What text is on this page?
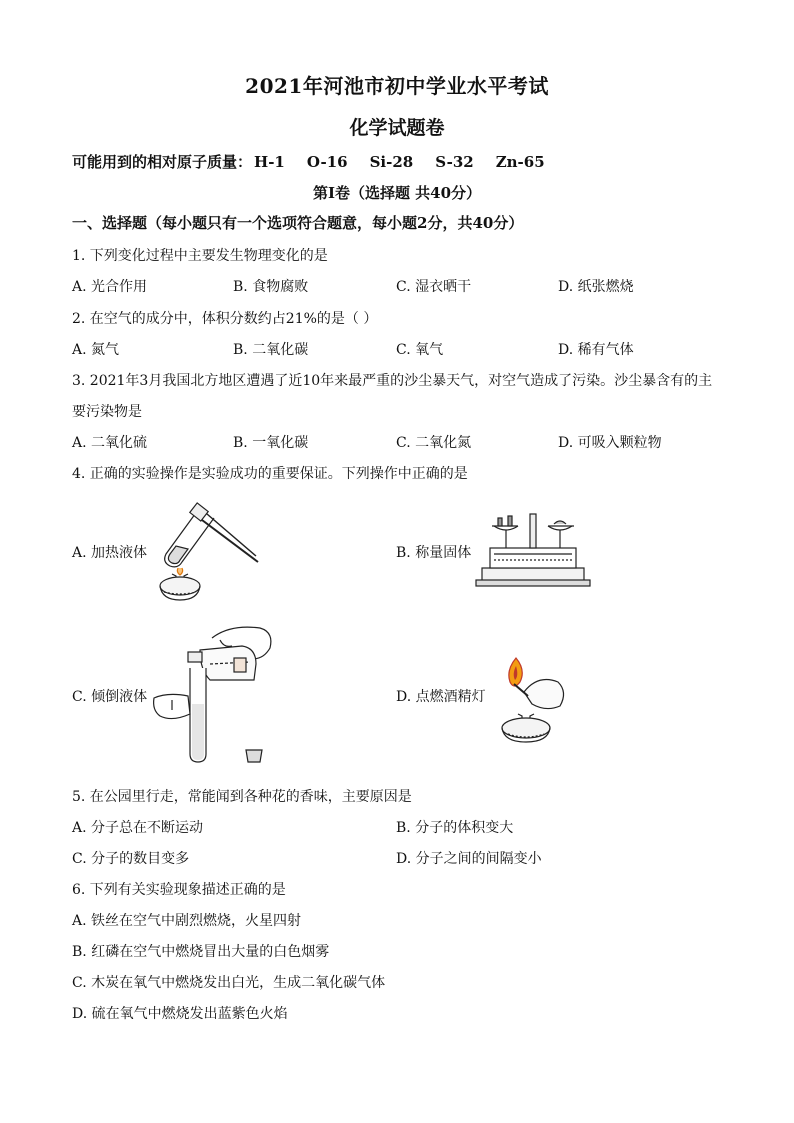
2021年河池市初中学业水平考试
化学试题卷
可能用到的相对原子质量： H-1 O-16 Si-28 S-32 Zn-65
第Ⅰ卷（选择题 共40分）
一、选择题（每小题只有一个选项符合题意，每小题2分，共40分）
1. 下列变化过程中主要发生物理变化的是
A. 光合作用	B. 食物腐败	C. 湿衣晒干	D. 纸张燃烧
2. 在空气的成分中，体积分数约占21%的是（ ）
A. 氮气	B. 二氧化碳	C. 氧气	D. 稀有气体
3. 2021年3月我国北方地区遭遇了近10年来最严重的沙尘暴天气，对空气造成了污染。沙尘暴含有的主
要污染物是
A. 二氧化硫	B. 一氧化碳	C. 二氧化氮	D. 可吸入颗粒物
4. 正确的实验操作是实验成功的重要保证。下列操作中正确的是
A. 加热液体	B. 称量固体
C. 倾倒液体	D. 点燃酒精灯
5. 在公园里行走，常能闻到各种花的香味，主要原因是
A. 分子总在不断运动	B. 分子的体积变大
C. 分子的数目变多	D. 分子之间的间隔变小
6. 下列有关实验现象描述正确的是
A. 铁丝在空气中剧烈燃烧，火星四射
B. 红磷在空气中燃烧冒出大量的白色烟雾
C. 木炭在氧气中燃烧发出白光，生成二氧化碳气体
D. 硫在氧气中燃烧发出蓝紫色火焰
